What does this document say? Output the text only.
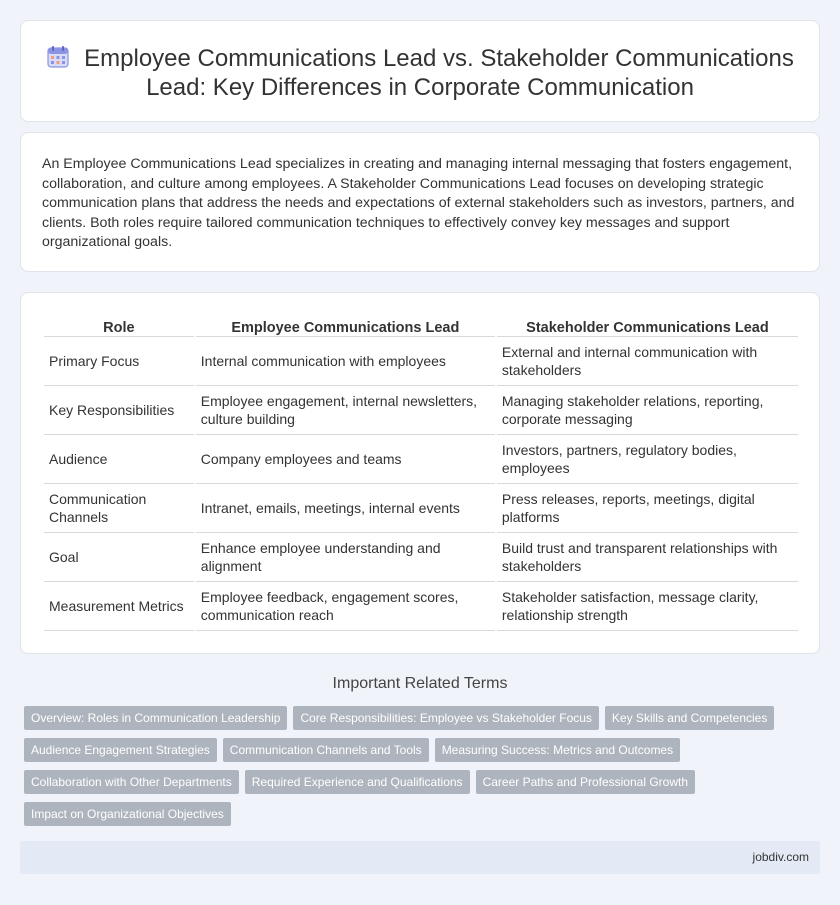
Employee Communications Lead vs. Stakeholder Communications Lead: Key Differences in Corporate Communication

An Employee Communications Lead specializes in creating and managing internal messaging that fosters engagement, collaboration, and culture among employees. A Stakeholder Communications Lead focuses on developing strategic communication plans that address the needs and expectations of external stakeholders such as investors, partners, and clients. Both roles require tailored communication techniques to effectively convey key messages and support organizational goals.

Role	Employee Communications Lead	Stakeholder Communications Lead
Primary Focus	Internal communication with employees	External and internal communication with stakeholders
Key Responsibilities	Employee engagement, internal newsletters, culture building	Managing stakeholder relations, reporting, corporate messaging
Audience	Company employees and teams	Investors, partners, regulatory bodies, employees
Communication Channels	Intranet, emails, meetings, internal events	Press releases, reports, meetings, digital platforms
Goal	Enhance employee understanding and alignment	Build trust and transparent relationships with stakeholders
Measurement Metrics	Employee feedback, engagement scores, communication reach	Stakeholder satisfaction, message clarity, relationship strength
Important Related Terms
Overview: Roles in Communication Leadership	Core Responsibilities: Employee vs Stakeholder Focus	Key Skills and Competencies
Audience Engagement Strategies	Communication Channels and Tools	Measuring Success: Metrics and Outcomes
Collaboration with Other Departments	Required Experience and Qualifications	Career Paths and Professional Growth
Impact on Organizational Objectives
jobdiv.com
